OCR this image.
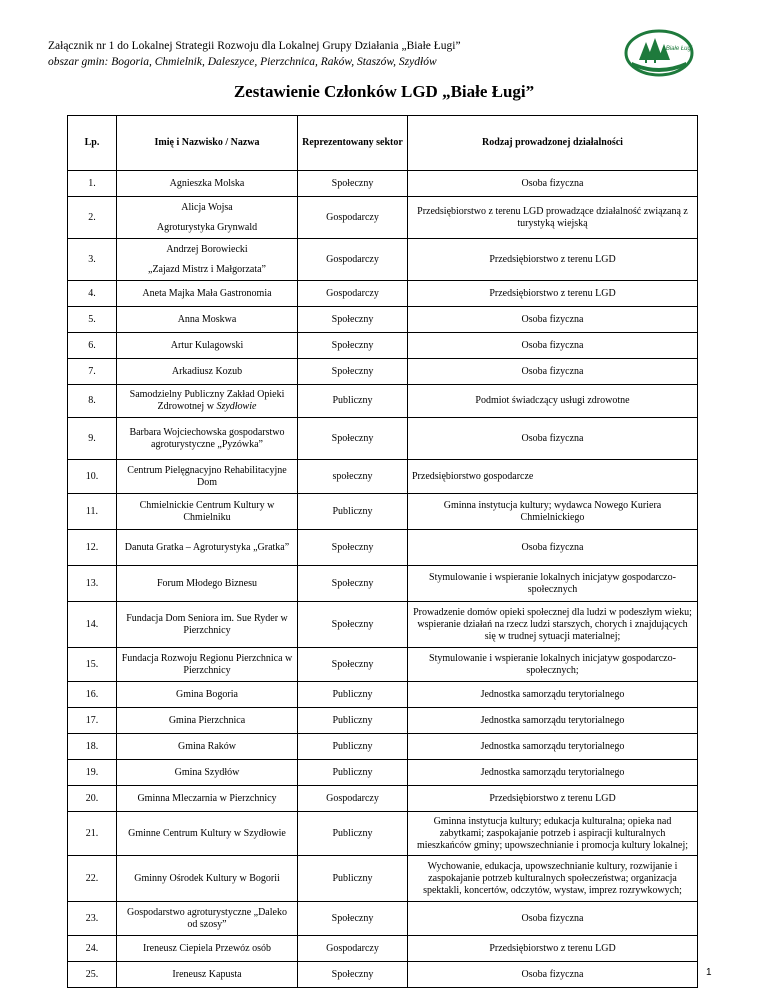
Załącznik nr 1 do Lokalnej Strategii Rozwoju dla Lokalnej Grupy Działania „Białe Ługi”
obszar gmin: Bogoria, Chmielnik, Daleszyce, Pierzchnica, Raków, Staszów, Szydłów
Białe Ługi
Zestawienie Członków LGD „Białe Ługi”
Lp.	Imię i Nazwisko / Nazwa	Reprezentowany sektor	Rodzaj prowadzonej działalności
1.	Agnieszka Molska	Społeczny	Osoba fizyczna
2.	Alicja Wojsa
Agroturystyka Grynwald	Gospodarczy	Przedsiębiorstwo z terenu LGD prowadzące działalność związaną z turystyką wiejską
3.	Andrzej Borowiecki
„Zajazd Mistrz i Małgorzata”	Gospodarczy	Przedsiębiorstwo z terenu LGD
4.	Aneta Majka Mała Gastronomia	Gospodarczy	Przedsiębiorstwo z terenu LGD
5.	Anna Moskwa	Społeczny	Osoba fizyczna
6.	Artur Kulagowski	Społeczny	Osoba fizyczna
7.	Arkadiusz Kozub	Społeczny	Osoba fizyczna
8.	Samodzielny Publiczny Zakład Opieki Zdrowotnej w Szydłowie	Publiczny	Podmiot świadczący usługi zdrowotne
9.	Barbara Wojciechowska gospodarstwo agroturystyczne „Pyzówka”	Społeczny	Osoba fizyczna
10.	Centrum Pielęgnacyjno Rehabilitacyjne Dom	społeczny	Przedsiębiorstwo gospodarcze
11.	Chmielnickie Centrum Kultury w Chmielniku	Publiczny	Gminna instytucja kultury; wydawca Nowego Kuriera Chmielnickiego
12.	Danuta Gratka – Agroturystyka „Gratka”	Społeczny	Osoba fizyczna
13.	Forum Młodego Biznesu	Społeczny	Stymulowanie i wspieranie lokalnych inicjatyw gospodarczo-społecznych
14.	Fundacja Dom Seniora im. Sue Ryder w Pierzchnicy	Społeczny	Prowadzenie domów opieki społecznej dla ludzi w podeszłym wieku; wspieranie działań na rzecz ludzi starszych, chorych i znajdujących się w trudnej sytuacji materialnej;
15.	Fundacja Rozwoju Regionu Pierzchnica w Pierzchnicy	Społeczny	Stymulowanie i wspieranie lokalnych inicjatyw gospodarczo-społecznych;
16.	Gmina Bogoria	Publiczny	Jednostka samorządu terytorialnego
17.	Gmina Pierzchnica	Publiczny	Jednostka samorządu terytorialnego
18.	Gmina Raków	Publiczny	Jednostka samorządu terytorialnego
19.	Gmina Szydłów	Publiczny	Jednostka samorządu terytorialnego
20.	Gminna Mleczarnia w Pierzchnicy	Gospodarczy	Przedsiębiorstwo z terenu LGD
21.	Gminne Centrum Kultury w Szydłowie	Publiczny	Gminna instytucja kultury; edukacja kulturalna; opieka nad zabytkami; zaspokajanie potrzeb i aspiracji kulturalnych mieszkańców gminy; upowszechnianie i promocja kultury lokalnej;
22.	Gminny Ośrodek Kultury w Bogorii	Publiczny	Wychowanie, edukacja, upowszechnianie kultury, rozwijanie i zaspokajanie potrzeb kulturalnych społeczeństwa; organizacja spektakli, koncertów, odczytów, wystaw, imprez rozrywkowych;
23.	Gospodarstwo agroturystyczne „Daleko od szosy”	Społeczny	Osoba fizyczna
24.	Ireneusz Ciepiela Przewóz osób	Gospodarczy	Przedsiębiorstwo z terenu LGD
25.	Ireneusz Kapusta	Społeczny	Osoba fizyczna	1
